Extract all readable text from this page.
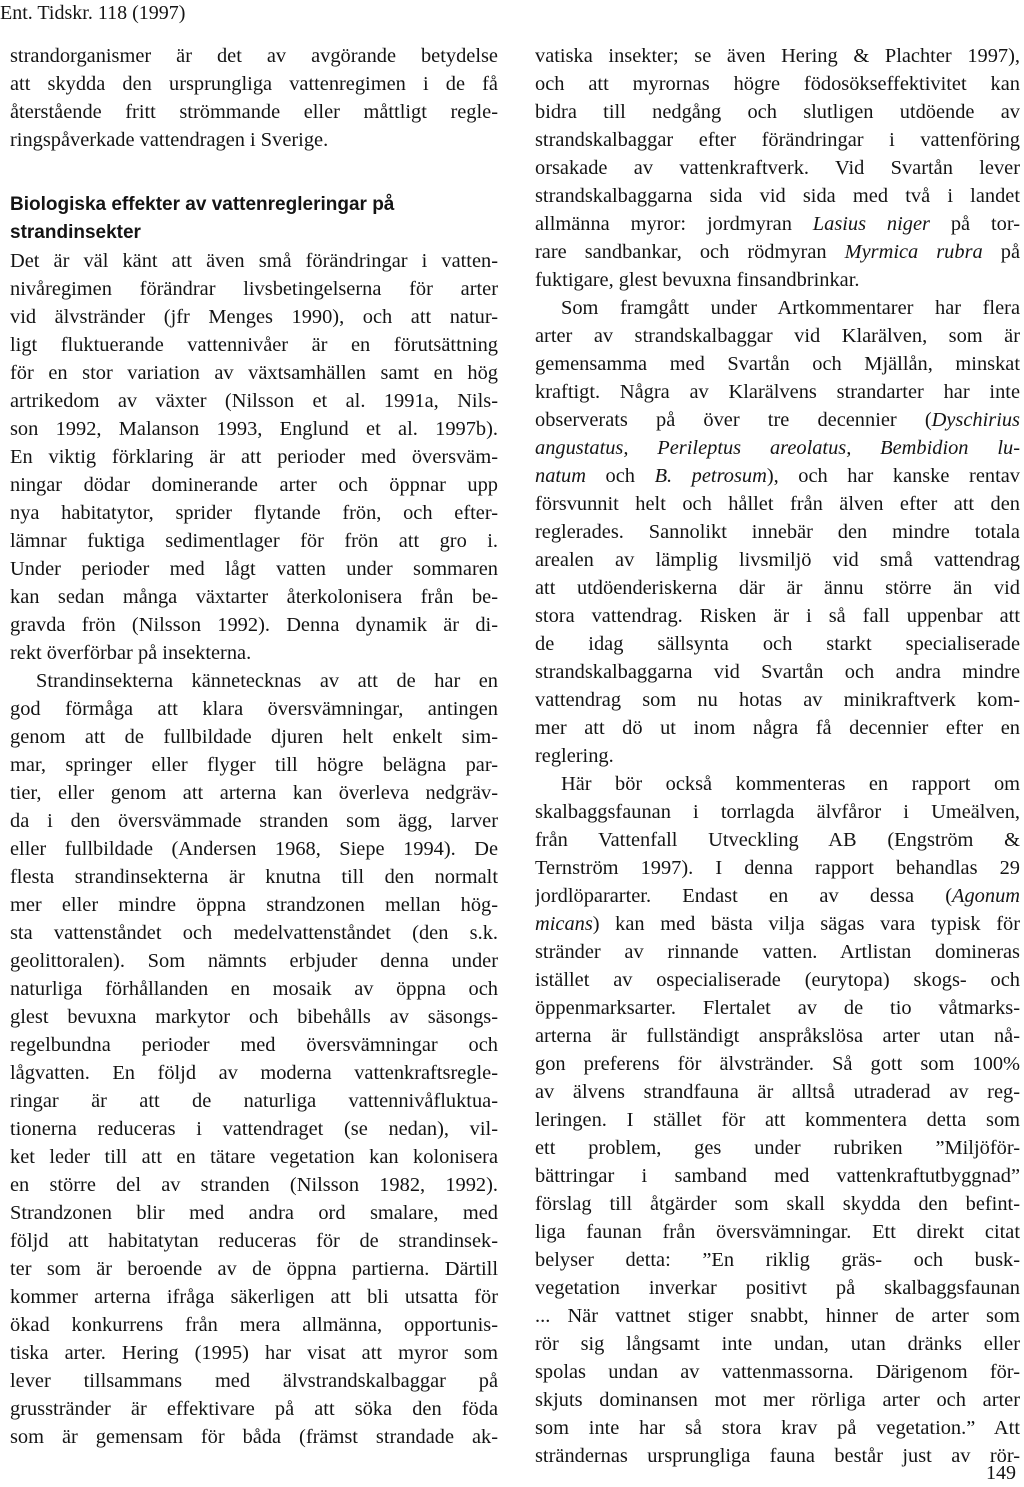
Ent. Tidskr. 118 (1997)
strandorganismer är det av avgörande betydelse
att skydda den ursprungliga vattenregimen i de få
återstående fritt strömmande eller måttligt regle-
ringspåverkade vattendragen i Sverige.
Biologiska effekter av vattenregleringar på
strandinsekter
Det är väl känt att även små förändringar i vatten-
nivåregimen förändrar livsbetingelserna för arter
vid älvstränder (jfr Menges 1990), och att natur-
ligt fluktuerande vattennivåer är en förutsättning
för en stor variation av växtsamhällen samt en hög
artrikedom av växter (Nilsson et al. 1991a, Nils-
son 1992, Malanson 1993, Englund et al. 1997b).
En viktig förklaring är att perioder med översväm-
ningar dödar dominerande arter och öppnar upp
nya habitatytor, sprider flytande frön, och efter-
lämnar fuktiga sedimentlager för frön att gro i.
Under perioder med lågt vatten under sommaren
kan sedan många växtarter återkolonisera från be-
gravda frön (Nilsson 1992). Denna dynamik är di-
rekt överförbar på insekterna.
Strandinsekterna kännetecknas av att de har en
god förmåga att klara översvämningar, antingen
genom att de fullbildade djuren helt enkelt sim-
mar, springer eller flyger till högre belägna par-
tier, eller genom att arterna kan överleva nedgräv-
da i den översvämmade stranden som ägg, larver
eller fullbildade (Andersen 1968, Siepe 1994). De
flesta strandinsekterna är knutna till den normalt
mer eller mindre öppna strandzonen mellan hög-
sta vattenståndet och medelvattenståndet (den s.k.
geolittoralen). Som nämnts erbjuder denna under
naturliga förhållanden en mosaik av öppna och
glest bevuxna markytor och bibehålls av säsongs-
regelbundna perioder med översvämningar och
lågvatten. En följd av moderna vattenkraftsregle-
ringar är att de naturliga vattennivåfluktua-
tionerna reduceras i vattendraget (se nedan), vil-
ket leder till att en tätare vegetation kan kolonisera
en större del av stranden (Nilsson 1982, 1992).
Strandzonen blir med andra ord smalare, med
följd att habitatytan reduceras för de strandinsek-
ter som är beroende av de öppna partierna. Därtill
kommer arterna ifråga säkerligen att bli utsatta för
ökad konkurrens från mera allmänna, opportunis-
tiska arter. Hering (1995) har visat att myror som
lever tillsammans med älvstrandskalbaggar på
grusstränder är effektivare på att söka den föda
som är gemensam för båda (främst strandade ak-
vatiska insekter; se även Hering & Plachter 1997),
och att myrornas högre födosökseffektivitet kan
bidra till nedgång och slutligen utdöende av
strandskalbaggar efter förändringar i vattenföring
orsakade av vattenkraftverk. Vid Svartån lever
strandskalbaggarna sida vid sida med två i landet
allmänna myror: jordmyran Lasius niger på tor-
rare sandbankar, och rödmyran Myrmica rubra på
fuktigare, glest bevuxna finsandbrinkar.
Som framgått under Artkommentarer har flera
arter av strandskalbaggar vid Klarälven, som är
gemensamma med Svartån och Mjällån, minskat
kraftigt. Några av Klarälvens strandarter har inte
observerats på över tre decennier (Dyschirius
angustatus, Perileptus areolatus, Bembidion lu-
natum och B. petrosum), och har kanske rentav
försvunnit helt och hållet från älven efter att den
reglerades. Sannolikt innebär den mindre totala
arealen av lämplig livsmiljö vid små vattendrag
att utdöenderiskerna där är ännu större än vid
stora vattendrag. Risken är i så fall uppenbar att
de idag sällsynta och starkt specialiserade
strandskalbaggarna vid Svartån och andra mindre
vattendrag som nu hotas av minikraftverk kom-
mer att dö ut inom några få decennier efter en
reglering.
Här bör också kommenteras en rapport om
skalbaggsfaunan i torrlagda älvfåror i Umeälven,
från Vattenfall Utveckling AB (Engström &
Ternström 1997). I denna rapport behandlas 29
jordlöpararter. Endast en av dessa (Agonum
micans) kan med bästa vilja sägas vara typisk för
stränder av rinnande vatten. Artlistan domineras
istället av ospecialiserade (eurytopa) skogs- och
öppenmarksarter. Flertalet av de tio våtmarks-
arterna är fullständigt anspråkslösa arter utan nå-
gon preferens för älvstränder. Så gott som 100%
av älvens strandfauna är alltså utraderad av reg-
leringen. I stället för att kommentera detta som
ett problem, ges under rubriken ”Miljöför-
bättringar i samband med vattenkraftutbyggnad”
förslag till åtgärder som skall skydda den befint-
liga faunan från översvämningar. Ett direkt citat
belyser detta: ”En riklig gräs- och busk-
vegetation inverkar positivt på skalbaggsfaunan
... När vattnet stiger snabbt, hinner de arter som
rör sig långsamt inte undan, utan dränks eller
spolas undan av vattenmassorna. Därigenom för-
skjuts dominansen mot mer rörliga arter och arter
som inte har så stora krav på vegetation.” Att
strändernas ursprungliga fauna består just av rör-
149
